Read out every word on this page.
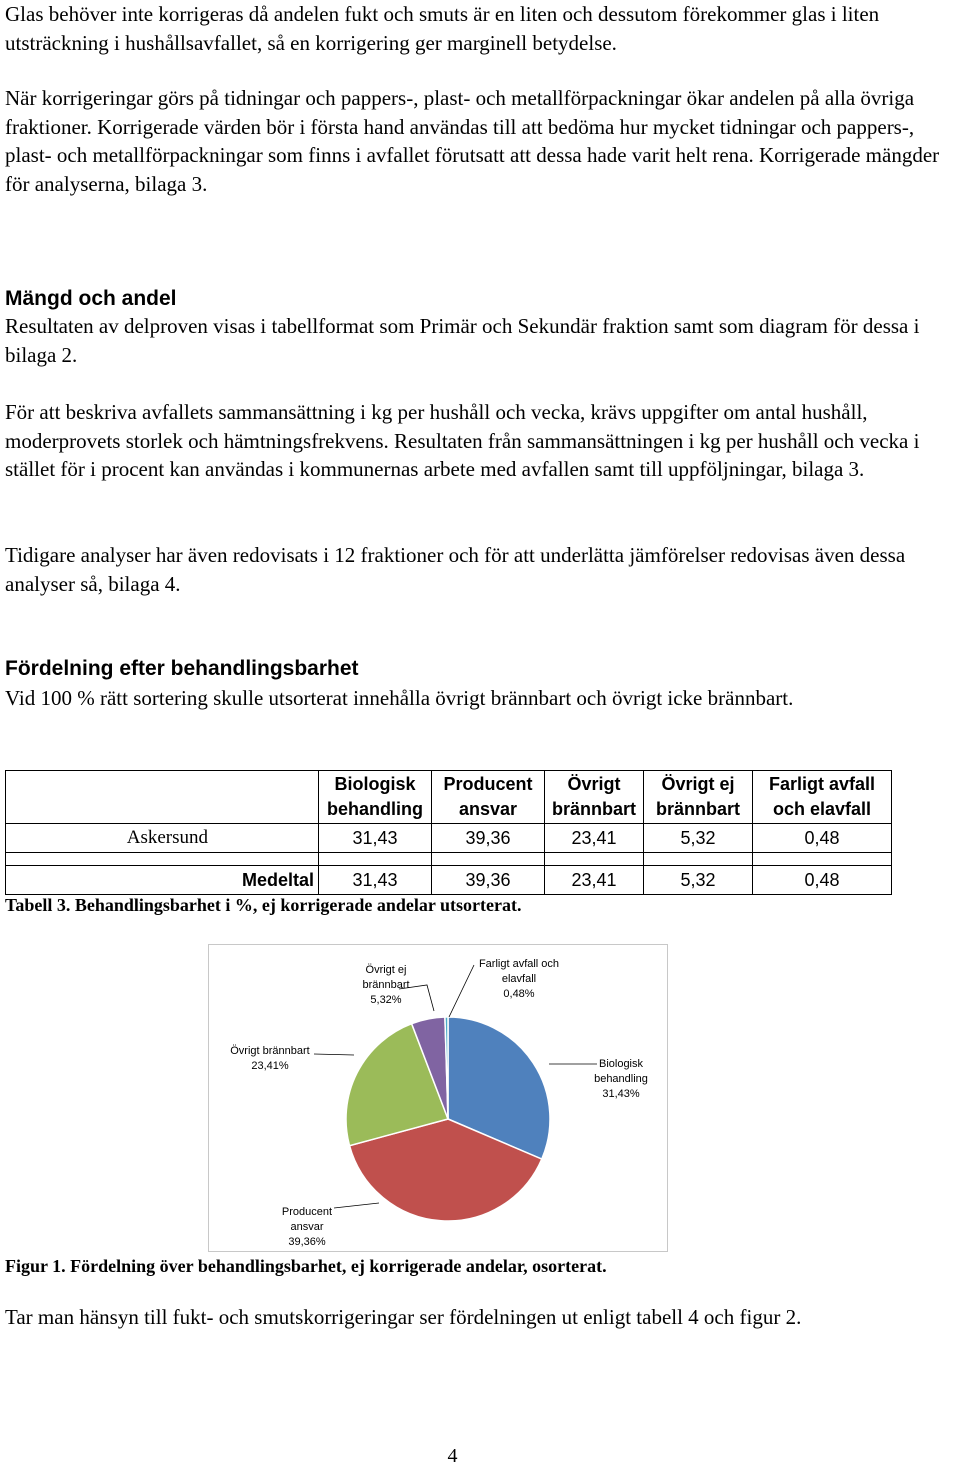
Glas behöver inte korrigeras då andelen fukt och smuts är en liten och dessutom förekommer glas i liten utsträckning i hushållsavfallet, så en korrigering ger marginell betydelse.

När korrigeringar görs på tidningar och pappers-, plast- och metallförpackningar ökar andelen på alla övriga fraktioner. Korrigerade värden bör i första hand användas till att bedöma hur mycket tidningar och pappers-, plast- och metallförpackningar som finns i avfallet förutsatt att dessa hade varit helt rena. Korrigerade mängder för analyserna, bilaga 3.

Mängd och andel

Resultaten av delproven visas i tabellformat som Primär och Sekundär fraktion samt som diagram för dessa i bilaga 2.

För att beskriva avfallets sammansättning i kg per hushåll och vecka, krävs uppgifter om antal hushåll, moderprovets storlek och hämtningsfrekvens. Resultaten från sammansättningen i kg per hushåll och vecka i stället för i procent kan användas i kommunernas arbete med avfallen samt till uppföljningar, bilaga 3.

Tidigare analyser har även redovisats i 12 fraktioner och för att underlätta jämförelser redovisas även dessa analyser så, bilaga 4.

Fördelning efter behandlingsbarhet

Vid 100 % rätt sortering skulle utsorterat innehålla övrigt brännbart och övrigt icke brännbart.

	Biologisk behandling	Producent ansvar	Övrigt brännbart	Övrigt ej brännbart	Farligt avfall och elavfall
Askersund	31,43	39,36	23,41	5,32	0,48

Medeltal	31,43	39,36	23,41	5,32	0,48

Tabell 3. Behandlingsbarhet i %, ej korrigerade andelar utsorterat.

Biologisk behandling 31,43%
Producent ansvar 39,36%
Övrigt brännbart 23,41%
Övrigt ej brännbart 5,32%
Farligt avfall och elavfall 0,48%

Figur 1. Fördelning över behandlingsbarhet, ej korrigerade andelar, osorterat.

Tar man hänsyn till fukt- och smutskorrigeringar ser fördelningen ut enligt tabell 4 och figur 2.

4
